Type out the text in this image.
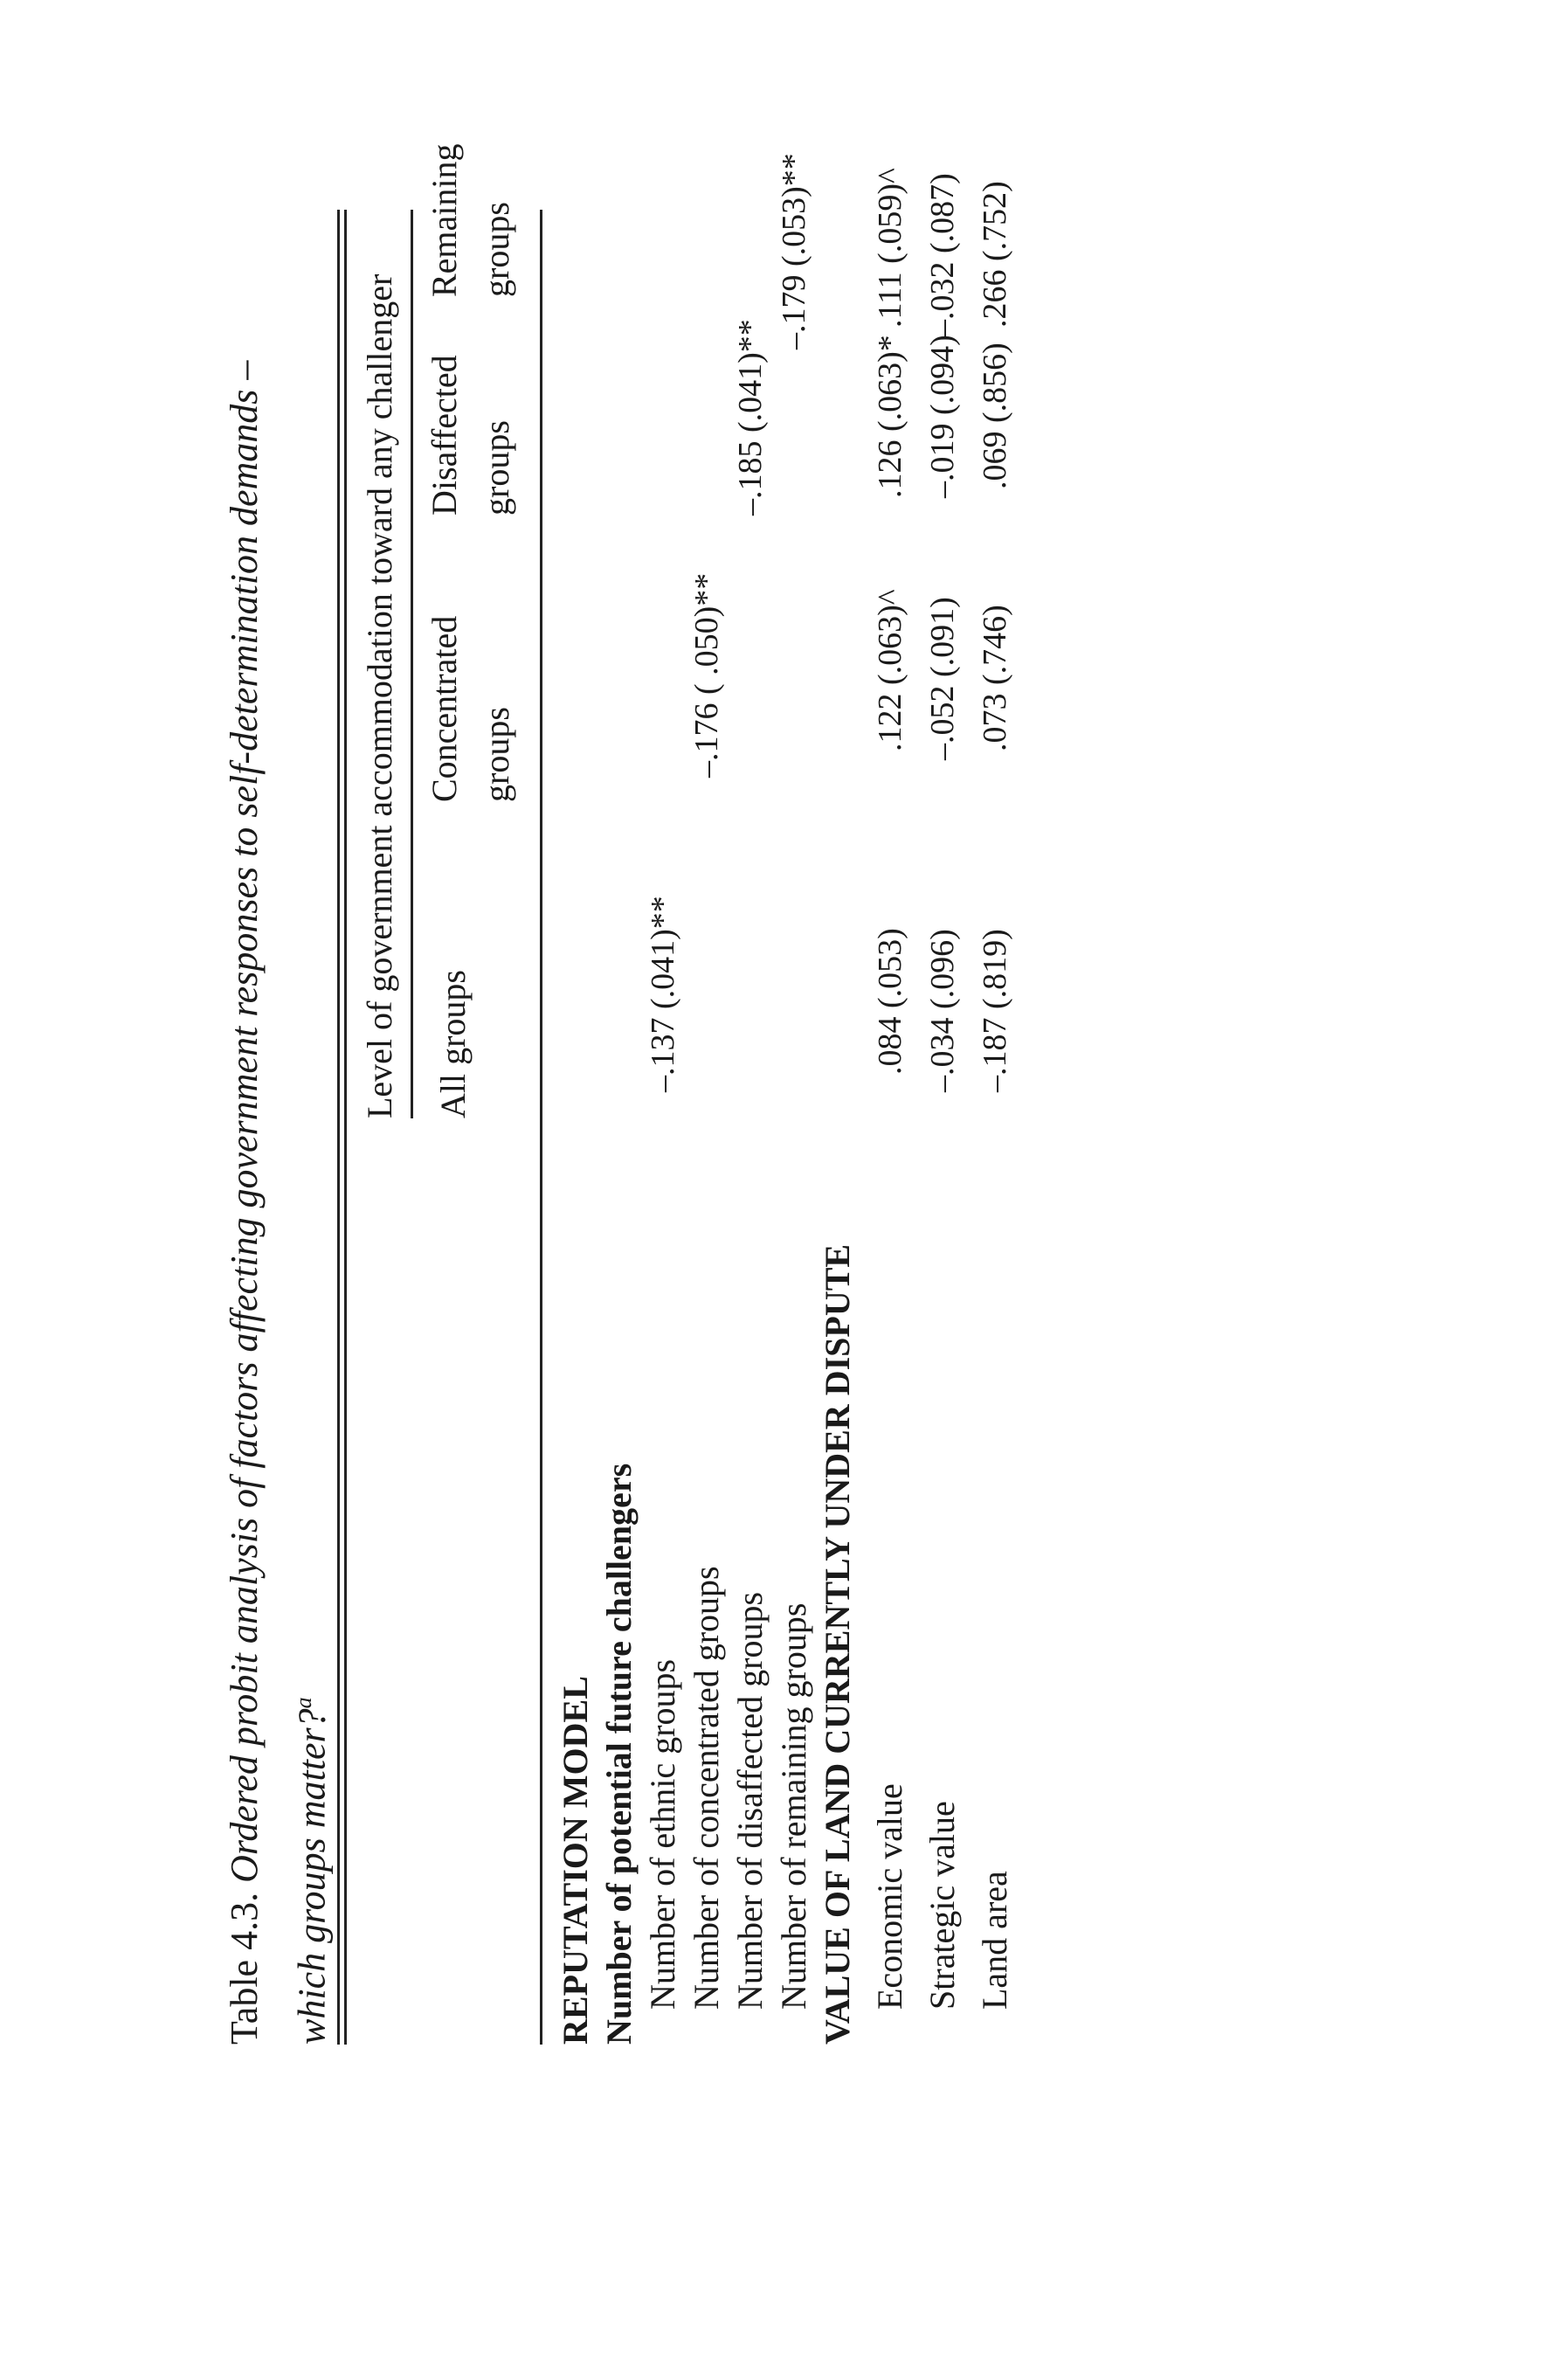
Table 4.3. Ordered probit analysis of factors affecting government responses to self-determination demands – which groups matter?$^a$

Level of government accommodation toward any challenger All groups
Concentrated groups
Disaffected groups
Remaining groups
REPUTATION MODEL Number of potential future challengers Number of ethnic groups
–.137 (.041)**
Number of concentrated groups
–.176 ( .050)**
Number of disaffected groups
–.185 (.041)**
Number of remaining groups
–.179 (.053)**
VALUE OF LAND CURRENTLY UNDER DISPUTE Economic value
.084 (.053)
.122 (.063)^
.126 (.063)*
.111 (.059)^
Strategic value
–.034 (.096)
–.052 (.091)
–.019 (.094)
–.032 (.087)
Land area
–.187 (.819)
.073 (.746)
.069 (.856)
.266 (.752)
